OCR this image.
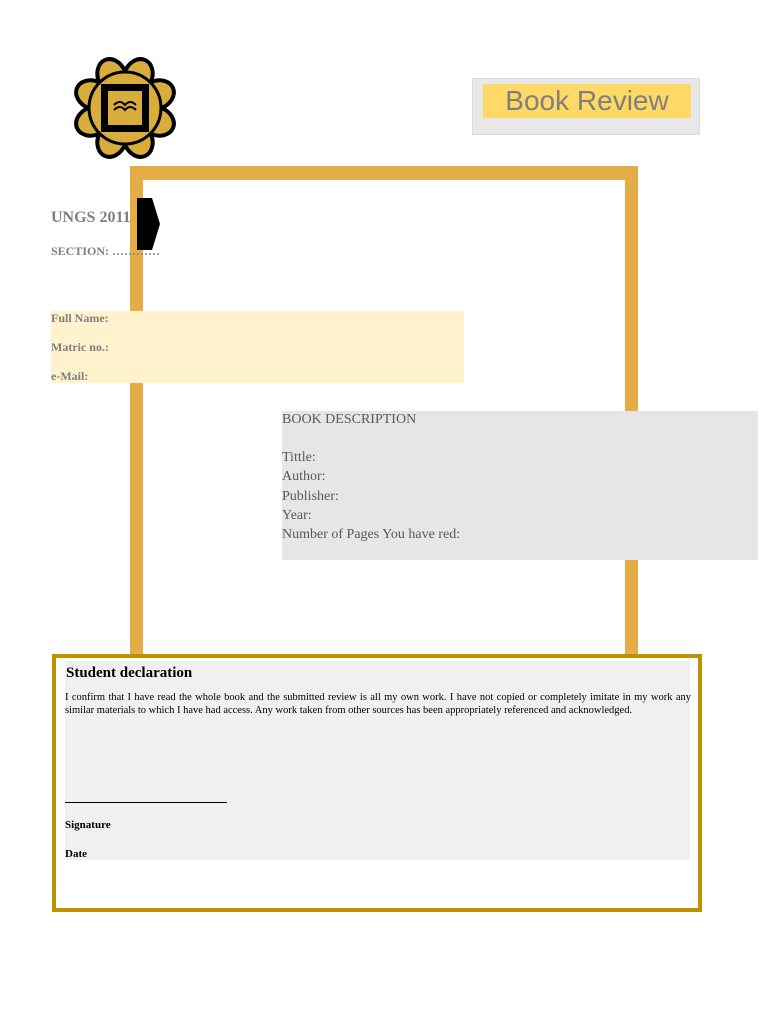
Book Review
UNGS 2011
SECTION: …………
Full Name:
Matric no.:
e-Mail:
BOOK DESCRIPTION
Tittle:
Author:
Publisher:
Year:
Number of Pages You have red:
Student declaration
I confirm that I have read the whole book and the submitted review is all my own work. I have not copied or completely imitate in my work any similar materials to which I have had access. Any work taken from other sources has been appropriately referenced and acknowledged.
Signature
Date
